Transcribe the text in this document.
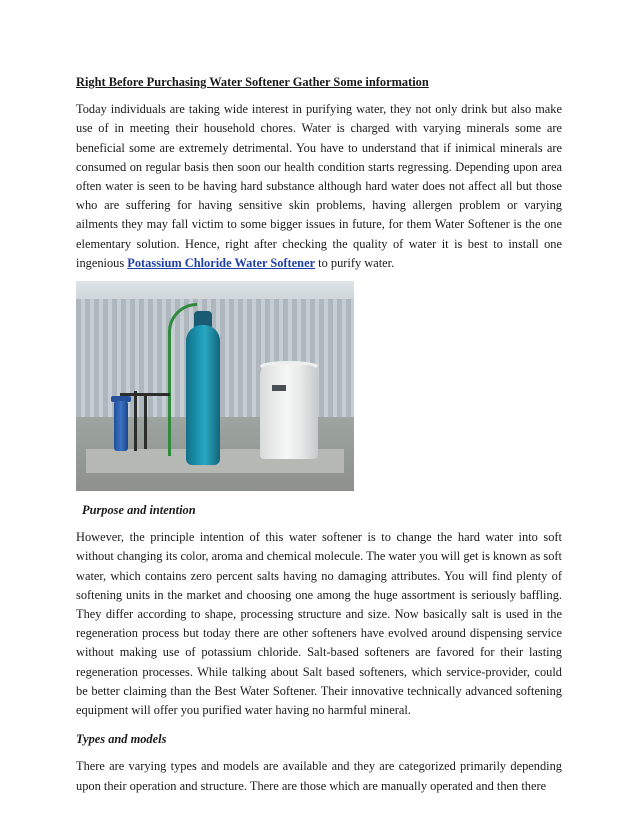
Right Before Purchasing Water Softener Gather Some information

Today individuals are taking wide interest in purifying water, they not only drink but also make use of in meeting their household chores. Water is charged with varying minerals some are beneficial some are extremely detrimental. You have to understand that if inimical minerals are consumed on regular basis then soon our health condition starts regressing. Depending upon area often water is seen to be having hard substance although hard water does not affect all but those who are suffering for having sensitive skin problems, having allergen problem or varying ailments they may fall victim to some bigger issues in future, for them Water Softener is the one elementary solution. Hence, right after checking the quality of water it is best to install one ingenious Potassium Chloride Water Softener to purify water.

Purpose and intention

However, the principle intention of this water softener is to change the hard water into soft without changing its color, aroma and chemical molecule. The water you will get is known as soft water, which contains zero percent salts having no damaging attributes. You will find plenty of softening units in the market and choosing one among the huge assortment is seriously baffling. They differ according to shape, processing structure and size. Now basically salt is used in the regeneration process but today there are other softeners have evolved around dispensing service without making use of potassium chloride. Salt-based softeners are favored for their lasting regeneration processes. While talking about Salt based softeners, which service-provider, could be better claiming than the Best Water Softener. Their innovative technically advanced softening equipment will offer you purified water having no harmful mineral.

Types and models

There are varying types and models are available and they are categorized primarily depending upon their operation and structure. There are those which are manually operated and then there
